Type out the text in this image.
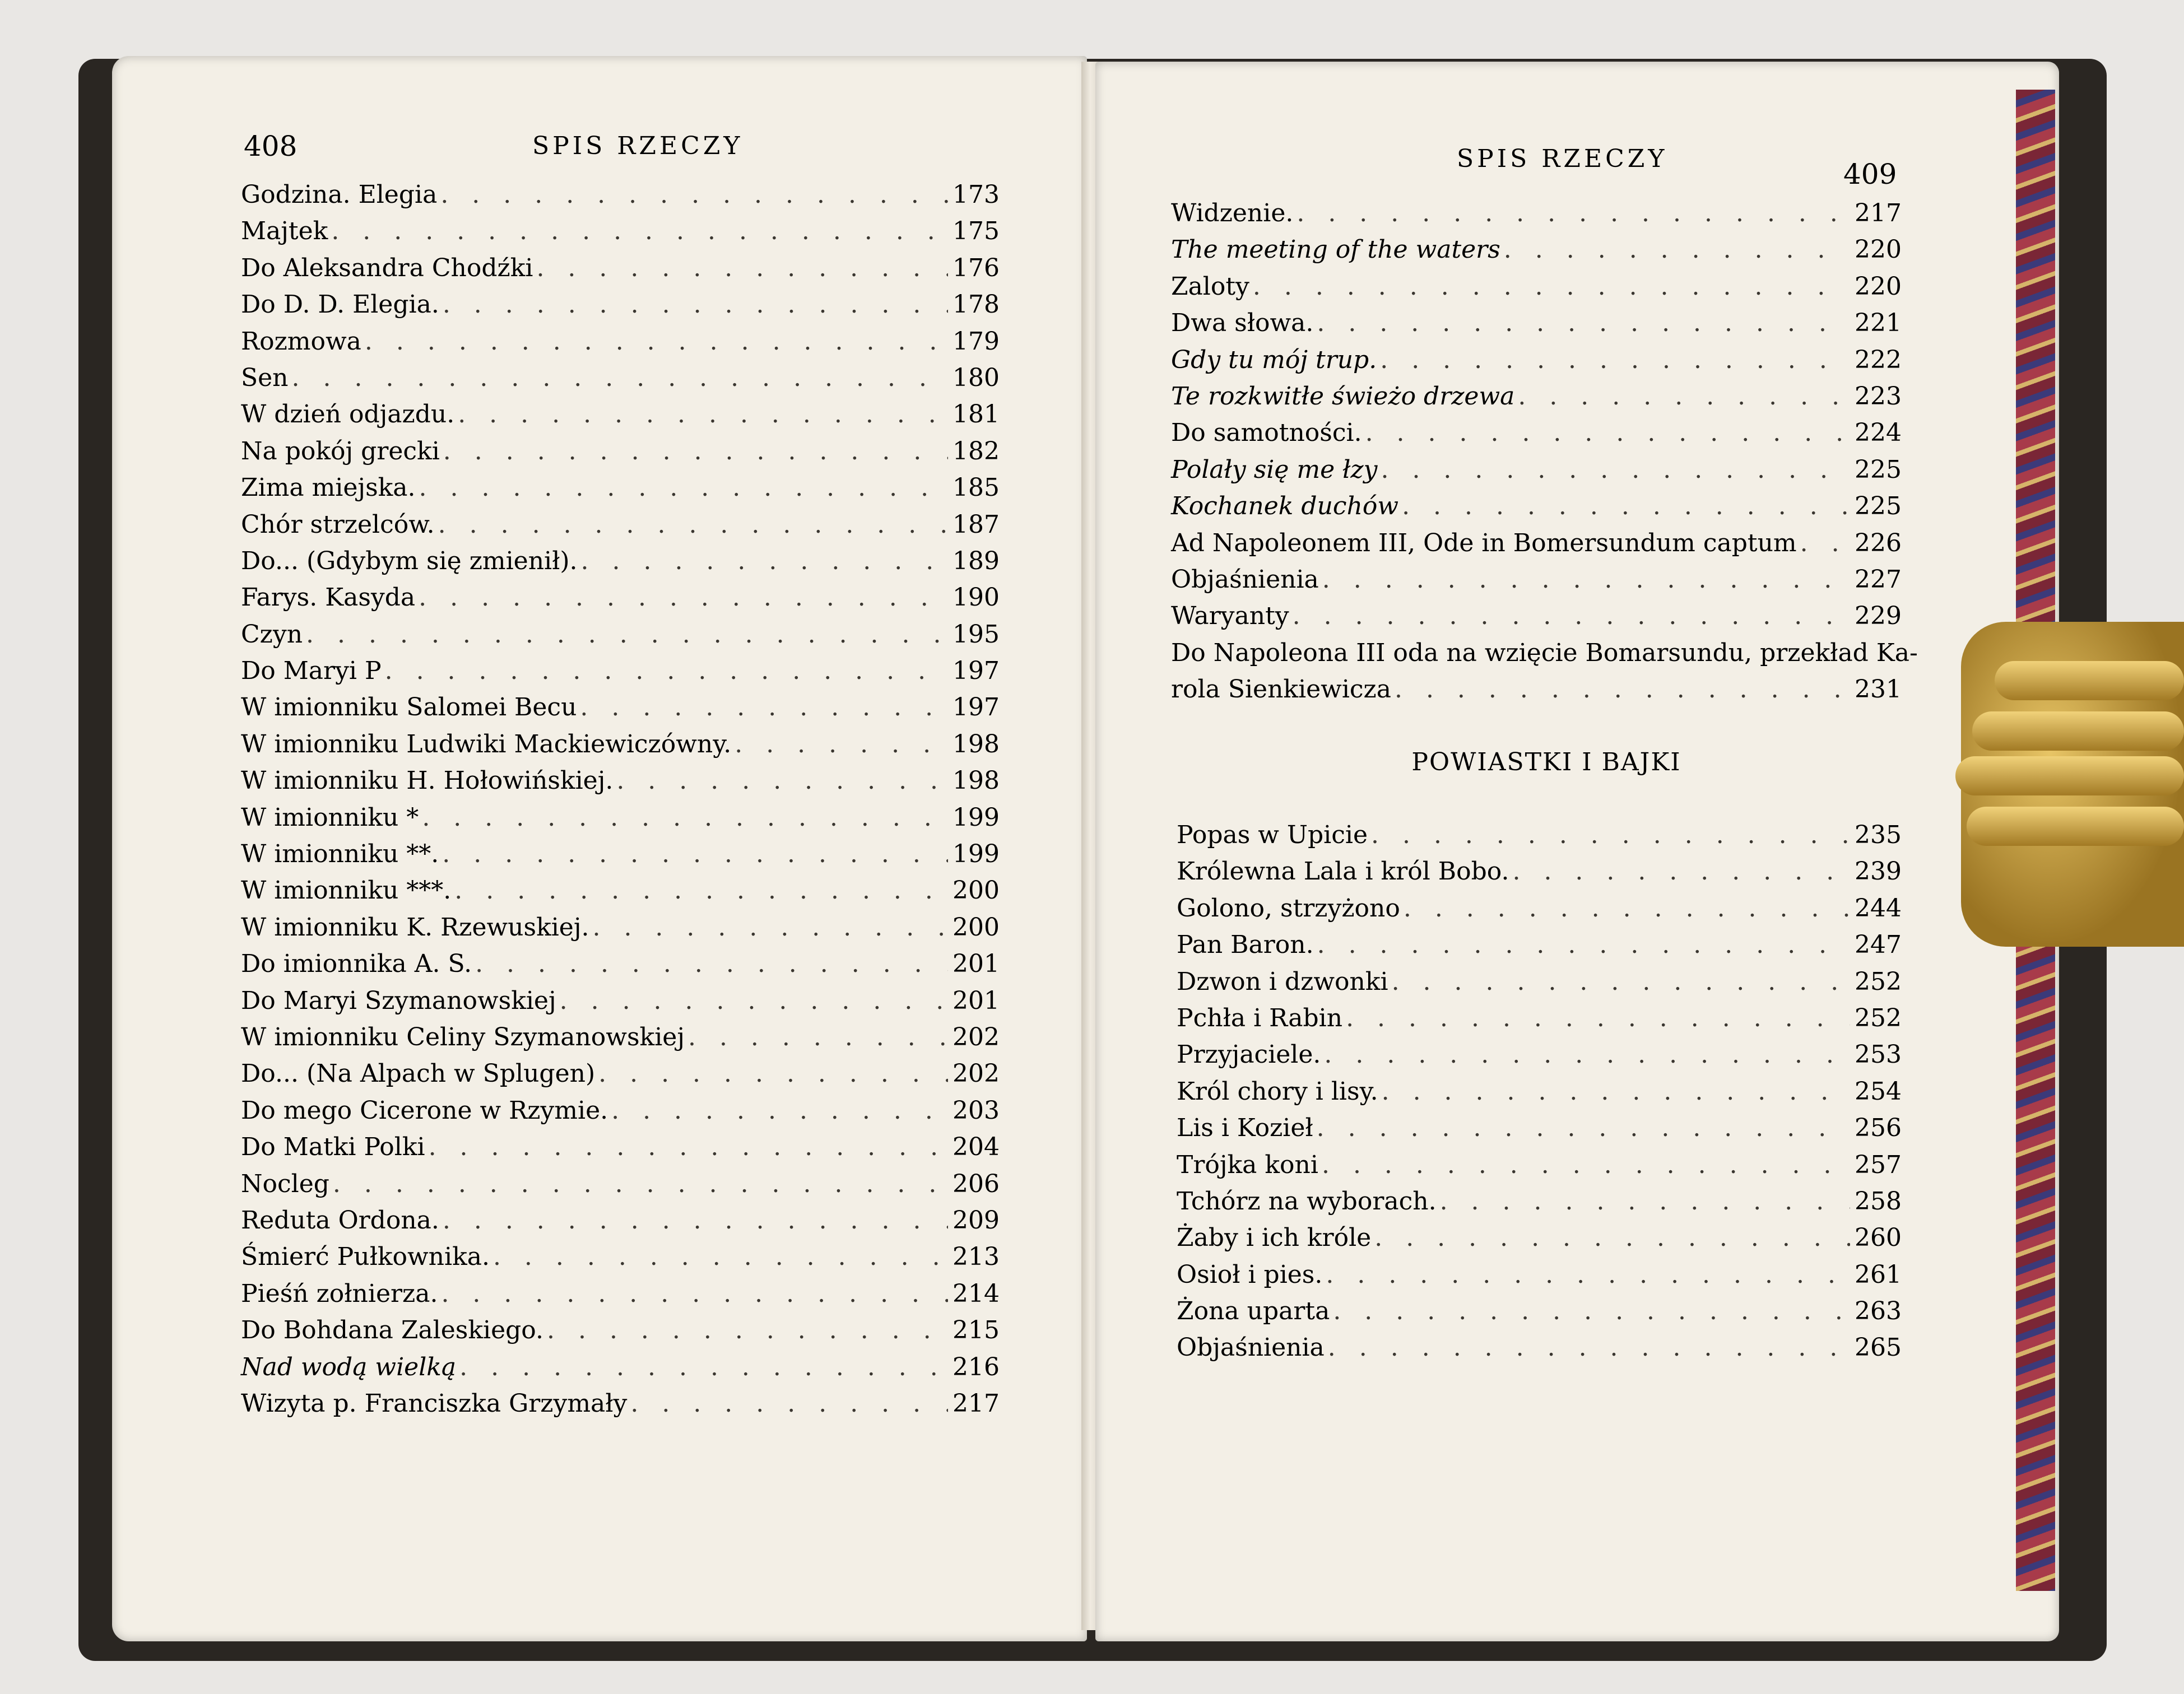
408	SPIS RZECZY
Godzina. Elegia . . .	173
Majtek . . .	175
Do Aleksandra Chodźki . . .	176
Do D. D. Elegia. . . .	178
Rozmowa . . .	179
Sen . . .	180
W dzień odjazdu. . . .	181
Na pokój grecki . . .	182
Zima miejska. . . .	185
Chór strzelców. . . .	187
Do... (Gdybym się zmienił). . . .	189
Farys. Kasyda . . .	190
Czyn . . .	195
Do Maryi P . . .	197
W imionniku Salomei Becu . . .	197
W imionniku Ludwiki Mackiewiczówny. . . .	198
W imionniku H. Hołowińskiej. . . .	198
W imionniku * . . .	199
W imionniku **. . . .	199
W imionniku ***. . . .	200
W imionniku K. Rzewuskiej. . . .	200
Do imionnika A. S. . . .	201
Do Maryi Szymanowskiej . . .	201
W imionniku Celiny Szymanowskiej . . .	202
Do... (Na Alpach w Splugen) . . .	202
Do mego Cicerone w Rzymie. . . .	203
Do Matki Polki . . .	204
Nocleg . . .	206
Reduta Ordona. . . .	209
Śmierć Pułkownika. . . .	213
Pieśń zołnierza. . . .	214
Do Bohdana Zaleskiego. . . .	215
Nad wodą wielką . . .	216
Wizyta p. Franciszka Grzymały . . .	217
SPIS RZECZY	409
Widzenie. . . .	217
The meeting of the waters . . .	220
Zaloty . . .	220
Dwa słowa. . . .	221
Gdy tu mój trup. . . .	222
Te rozkwitłe świeżo drzewa . . .	223
Do samotności. . . .	224
Polały się me łzy . . .	225
Kochanek duchów . . .	225
Ad Napoleonem III, Ode in Bomersundum captum . . . 226
Objaśnienia . . .	227
Waryanty . . .	229
Do Napoleona III oda na wzięcie Bomarsundu, przekład Ka-
rola Sienkiewicza . . .	231
POWIASTKI I BAJKI
Popas w Upicie . . .	235
Królewna Lala i król Bobo. . . .	239
Golono, strzyżono . . .	244
Pan Baron. . . .	247
Dzwon i dzwonki . . .	252
Pchła i Rabin . . .	252
Przyjaciele. . . .	253
Król chory i lisy. . . .	254
Lis i Kozieł . . .	256
Trójka koni . . .	257
Tchórz na wyborach. . . .	258
Żaby i ich króle . . .	260
Osioł i pies. . . .	261
Żona uparta . . .	263
Objaśnienia . . .	265
